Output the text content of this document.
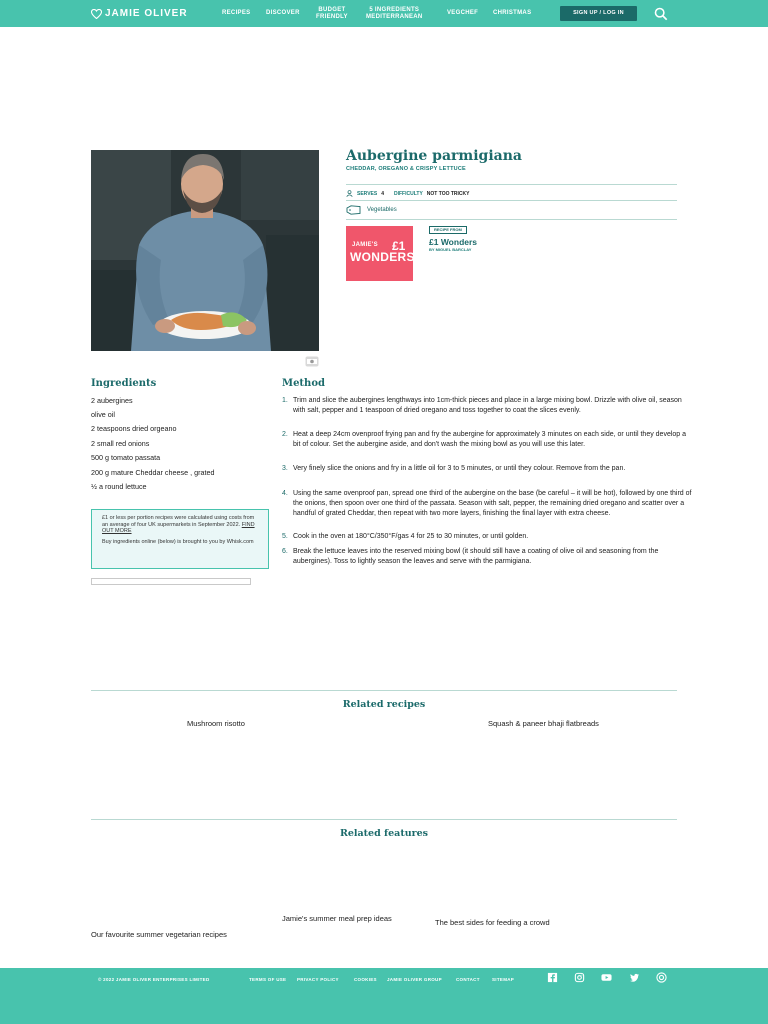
JAMIE OLIVER	RECIPES	DISCOVER	BUDGET
FRIENDLY
5 INGREDIENTS
MEDITERRANEAN
VEGCHEF CHRISTMAS	SIGN UP / LOG IN
Aubergine parmigiana
CHEDDAR, OREGANO & CRISPY LETTUCE
SERVES 4 DIFFICULTY NOT TOO TRICKY
Vegetables
JAMIE'S £1
WONDERS
RECIPE FROM
£1 Wonders
BY MIGUEL BARCLAY
Ingredients
2 aubergines
olive oil
2 teaspoons dried orgeano
2 small red onions
500 g tomato passata
200 g mature Cheddar cheese , grated
½ a round lettuce
£1 or less per portion recipes were calculated using costs from an average of four UK supermarkets in September 2022. FIND OUT MORE
Buy ingredients online (below) is brought to you by Whisk.com
Method
1. Trim and slice the aubergines lengthways into 1cm-thick pieces and place in a large mixing bowl. Drizzle with olive oil, season with salt, pepper and 1 teaspoon of dried oregano and toss together to coat the slices evenly.
2. Heat a deep 24cm ovenproof frying pan and fry the aubergine for approximately 3 minutes on each side, or until they develop a bit of colour. Set the aubergine aside, and don't wash the mixing bowl as you will use this later.
3. Very finely slice the onions and fry in a little oil for 3 to 5 minutes, or until they colour. Remove from the pan.
4. Using the same ovenproof pan, spread one third of the aubergine on the base (be careful – it will be hot), followed by one third of the onions, then spoon over one third of the passata. Season with salt, pepper, the remaining dried oregano and scatter over a handful of grated Cheddar, then repeat with two more layers, finishing the final layer with extra cheese.
5. Cook in the oven at 180°C/350°F/gas 4 for 25 to 30 minutes, or until golden.
6. Break the lettuce leaves into the reserved mixing bowl (it should still have a coating of olive oil and seasoning from the aubergines). Toss to lightly season the leaves and serve with the parmigiana.
Related recipes
Mushroom risotto	Squash & paneer bhaji flatbreads
Related features
Jamie's summer meal prep ideas	The best sides for feeding a crowd
Our favourite summer vegetarian recipes
© 2022 JAMIE OLIVER ENTERPRISES LIMITED	TERMS OF USE PRIVACY POLICY	COOKIES JAMIE OLIVER GROUP	CONTACT	SITEMAP
